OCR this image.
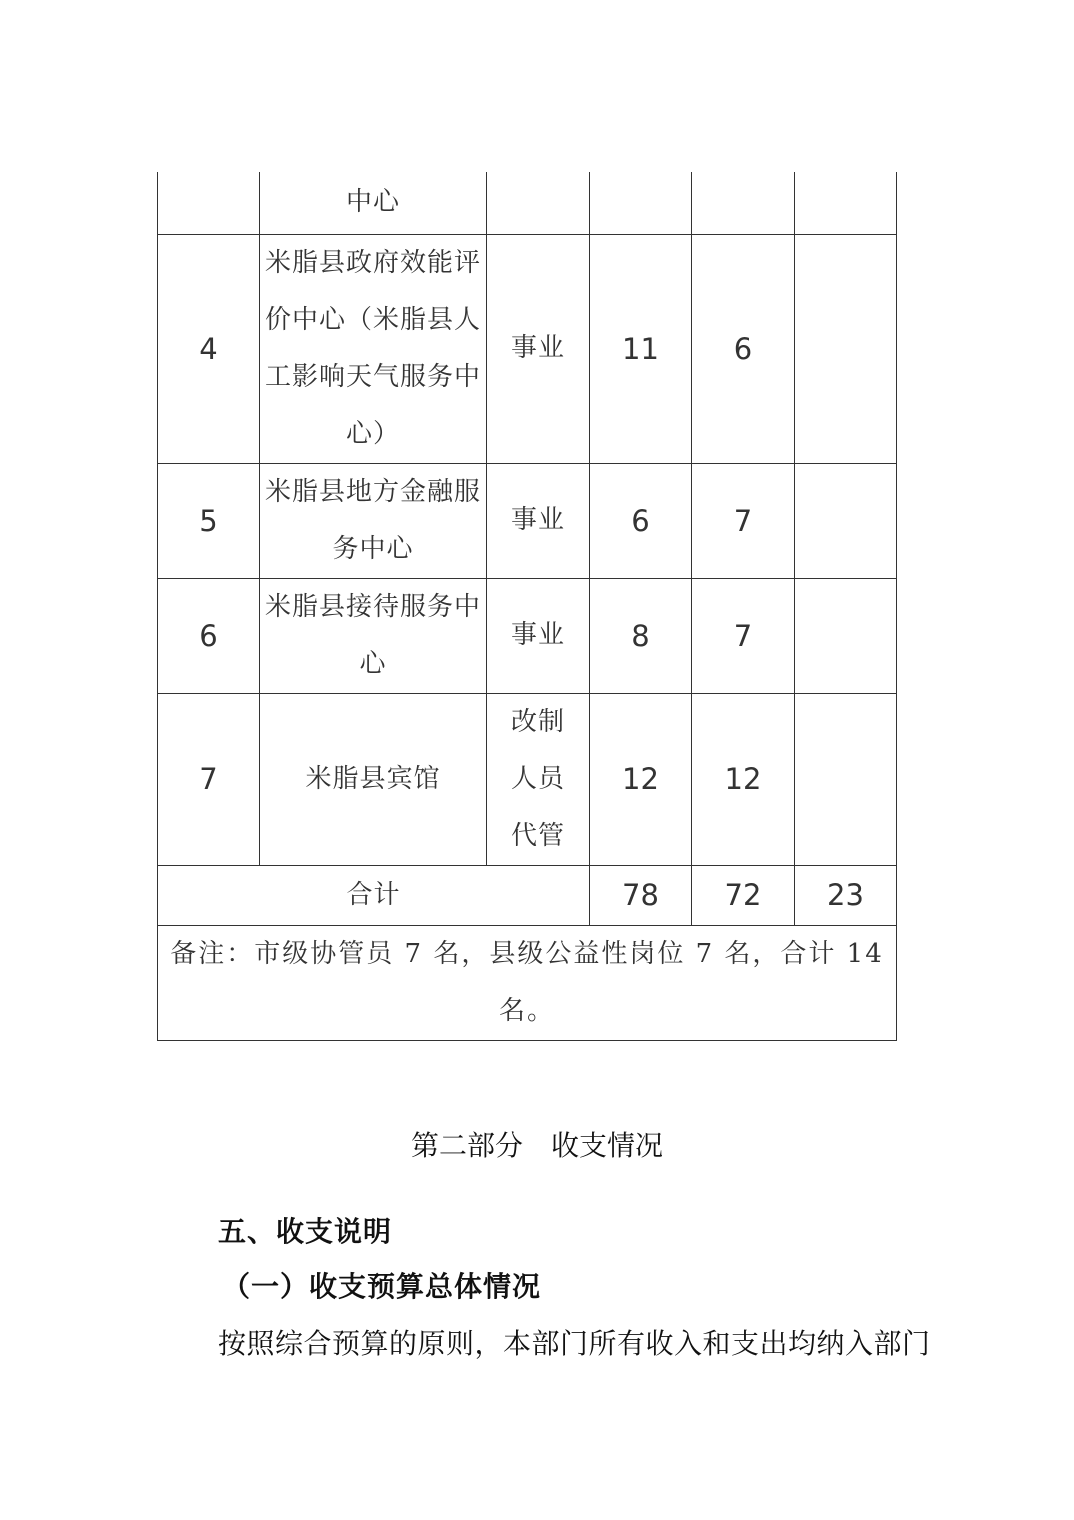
	中心				
4	米脂县政府效能评价中心（米脂县人工影响天气服务中心）	事业	11	6	
5	米脂县地方金融服务中心	事业	6	7	
6	米脂县接待服务中心	事业	8	7	
7	米脂县宾馆	改制人员代管	12	12	
合计			78	72	23

备注：市级协管员 7 名，县级公益性岗位 7 名，合计 14 名。					
第二部分　收支情况
五、收支说明
（一）收支预算总体情况
按照综合预算的原则，本部门所有收入和支出均纳入部门
